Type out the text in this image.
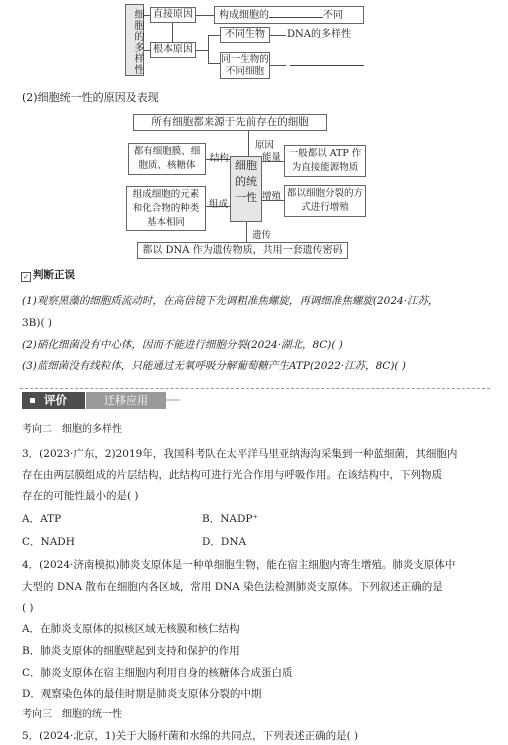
细胞的多样性	直接原因	构成细胞的	不同
根本原因
不同生物	DNA的多样性
同一生物的
不同细胞
(2)细胞统一性的原因及表现
所有细胞都来源于先前存在的细胞
原因
都有细胞膜、细胞质、核糖体
结构
细胞的统一性
能量 一般都以 ATP 作为直接能源物质
组成细胞的元素和化合物的种类基本相同
组成
增殖 都以细胞分裂的方式进行增殖
遗传
都以 DNA 作为遗传物质，共用一套遗传密码
✓ 判断正误
(1)观察黑藻的细胞质流动时，在高倍镜下先调粗准焦螺旋，再调细准焦螺旋(2024·江苏，
3B)( )
(2)硝化细菌没有中心体，因而不能进行细胞分裂(2024·湖北，8C)( )
(3)蓝细菌没有线粒体，只能通过无氧呼吸分解葡萄糖产生ATP(2022·江苏，8C)( )
评价	迁移应用
考向二　细胞的多样性
3．(2023·广东，2)2019年，我国科考队在太平洋马里亚纳海沟采集到一种蓝细菌，其细胞内
存在由两层膜组成的片层结构，此结构可进行光合作用与呼吸作用。在该结构中，下列物质
存在的可能性最小的是( )
A．ATP	B．NADP⁺
C．NADH	D．DNA
4．(2024·济南模拟)肺炎支原体是一种单细胞生物，能在宿主细胞内寄生增殖。肺炎支原体中
大型的 DNA 散布在细胞内各区域，常用 DNA 染色法检测肺炎支原体。下列叙述正确的是
( )
A．在肺炎支原体的拟核区域无核膜和核仁结构
B．肺炎支原体的细胞壁起到支持和保护的作用
C．肺炎支原体在宿主细胞内利用自身的核糖体合成蛋白质
D．观察染色体的最佳时期是肺炎支原体分裂的中期
考向三　细胞的统一性
5．(2024·北京，1)关于大肠杆菌和水绵的共同点，下列表述正确的是( )
